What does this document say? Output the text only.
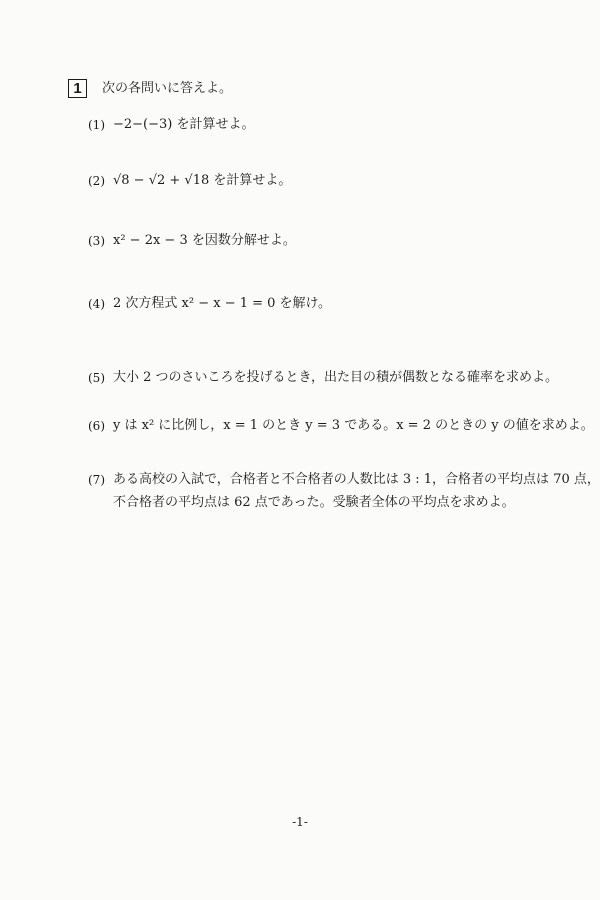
1	次の各問いに答えよ。
(1) −2−(−3) を計算せよ。
(2) √8 − √2 + √18 を計算せよ。
(3) x² − 2x − 3 を因数分解せよ。
(4) 2 次方程式 x² − x − 1 = 0 を解け。
(5) 大小 2 つのさいころを投げるとき，出た目の積が偶数となる確率を求めよ。
(6) y は x² に比例し，x = 1 のとき y = 3 である。x = 2 のときの y の値を求めよ。
(7) ある高校の入試で，合格者と不合格者の人数比は 3 : 1，合格者の平均点は 70 点，
不合格者の平均点は 62 点であった。受験者全体の平均点を求めよ。
-1-
